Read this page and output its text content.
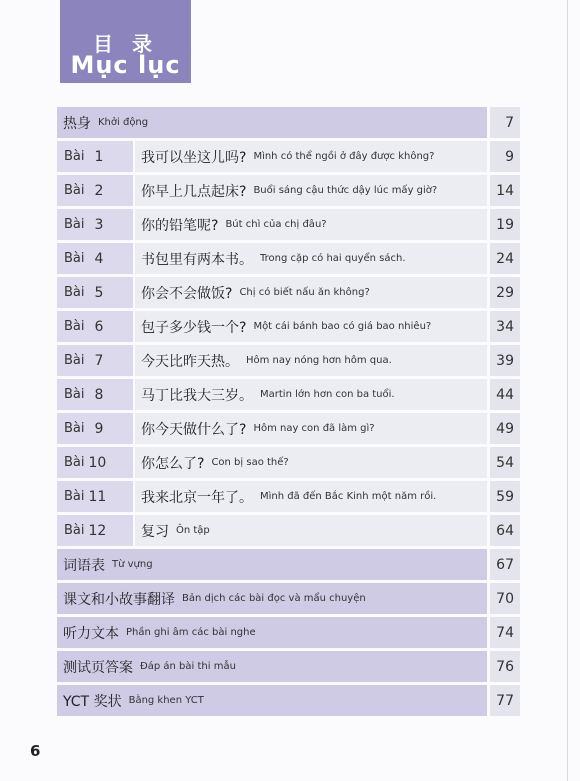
目 录
Mục lục
热身 Khởi động	7
Bài 1	我可以坐这儿吗? Mình có thể ngồi ở đây được không?	9
Bài 2	你早上几点起床? Buổi sáng cậu thức dậy lúc mấy giờ?	14
Bài 3	你的铅笔呢? Bút chì của chị đâu?	19
Bài 4	书包里有两本书。 Trong cặp có hai quyển sách.	24
Bài 5	你会不会做饭? Chị có biết nấu ăn không?	29
Bài 6	包子多少钱一个? Một cái bánh bao có giá bao nhiêu?	34
Bài 7	今天比昨天热。 Hôm nay nóng hơn hôm qua.	39
Bài 8	马丁比我大三岁。 Martin lớn hơn con ba tuổi.	44
Bài 9	你今天做什么了? Hôm nay con đã làm gì?	49
Bài 10 你怎么了? Con bị sao thế?	54
Bài 11 我来北京一年了。 Mình đã đến Bắc Kinh một năm rồi.	59
Bài 12 复习 Ôn tập	64
词语表 Từ vựng	67
课文和小故事翻译 Bản dịch các bài đọc và mẩu chuyện	70
听力文本 Phần ghi âm các bài nghe	74
测试页答案 Đáp án bài thi mẫu	76
YCT 奖状 Bằng khen YCT	77
6
